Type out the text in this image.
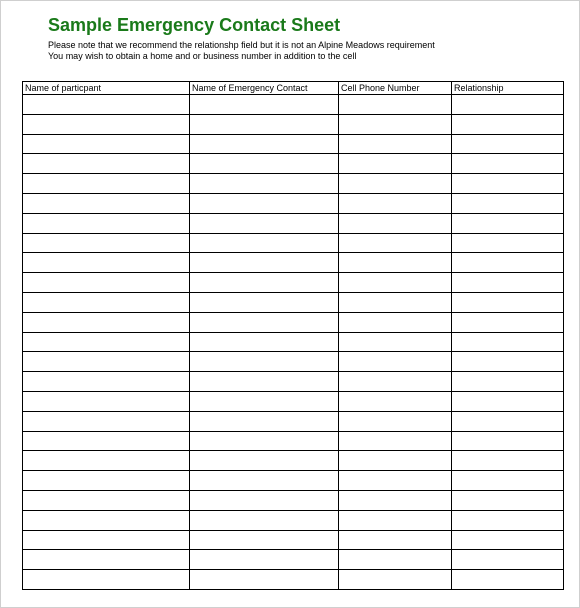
Sample Emergency Contact Sheet

Please note that we recommend the relationshp field but it is not an Alpine Meadows requirement

You may wish to obtain a home and or business number in addition to the cell

Name of particpant	Name of Emergency Contact	Cell Phone Number	Relationship
